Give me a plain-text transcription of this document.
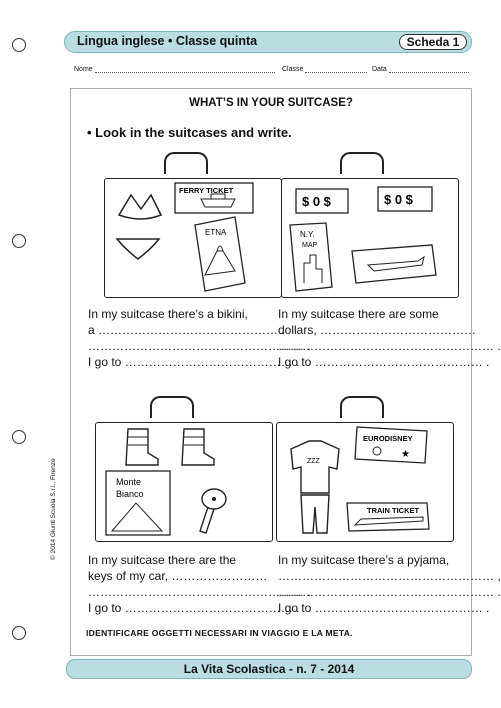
Lingua inglese • Classe quinta	Scheda 1
Nome	Classe	Data
WHAT’S IN YOUR SUITCASE?
• Look in the suitcases and write.
FERRY TICKET
ETNA
In my suitcase there’s a bikini,
a ……………………………………… .
……………………………………………… .
I go to …………………………………… .
$ 0 $	$ 0 $
N.Y.
MAP
In my suitcase there are some
dollars, …………………………………
……………………………………………… .
I go to …………………………………… .
Monte
Bianco
In my suitcase there are the
keys of my car, ……………………
……………………………………………… .
I go to …………………………………… .
ZZZ
EURODISNEY
★
TRAIN TICKET
In my suitcase there’s a pyjama,
……………………………………………… ,
……………………………………………… .
I go to …………………………………… .
IDENTIFICARE OGGETTI NECESSARI IN VIAGGIO E LA META.
© 2014 Giunti Scuola S.r.l., Firenze
La Vita Scolastica - n. 7 - 2014
